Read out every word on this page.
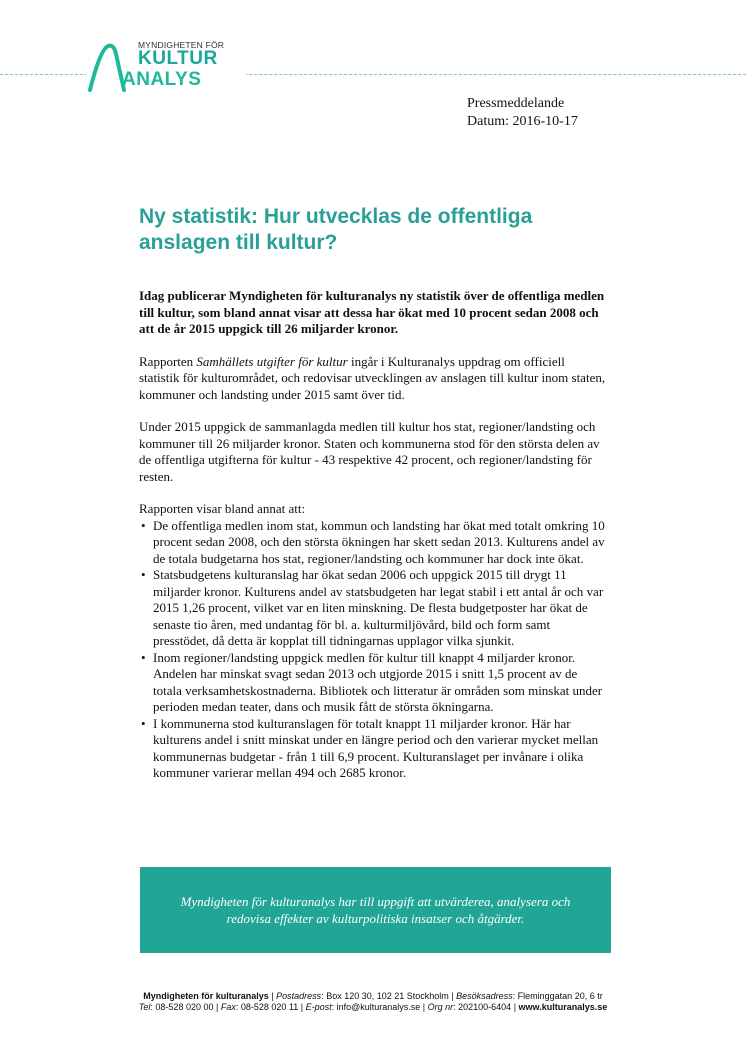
MYNDIGHETEN FÖR
KULTUR
ANALYS
Pressmeddelande
Datum: 2016-10-17
Ny statistik: Hur utvecklas de offentliga anslagen till kultur?

Idag publicerar Myndigheten för kulturanalys ny statistik över de offentliga medlen till kultur, som bland annat visar att dessa har ökat med 10 procent sedan 2008 och att de år 2015 uppgick till 26 miljarder kronor.

Rapporten Samhällets utgifter för kultur ingår i Kulturanalys uppdrag om officiell statistik för kulturområdet, och redovisar utvecklingen av anslagen till kultur inom staten, kommuner och landsting under 2015 samt över tid.

Under 2015 uppgick de sammanlagda medlen till kultur hos stat, regioner/landsting och kommuner till 26 miljarder kronor. Staten och kommunerna stod för den största delen av de offentliga utgifterna för kultur - 43 respektive 42 procent, och regioner/landsting för resten.

Rapporten visar bland annat att:
• De offentliga medlen inom stat, kommun och landsting har ökat med totalt omkring 10 procent sedan 2008, och den största ökningen har skett sedan 2013. Kulturens andel av de totala budgetarna hos stat, regioner/landsting och kommuner har dock inte ökat.
• Statsbudgetens kulturanslag har ökat sedan 2006 och uppgick 2015 till drygt 11 miljarder kronor. Kulturens andel av statsbudgeten har legat stabil i ett antal år och var 2015 1,26 procent, vilket var en liten minskning. De flesta budgetposter har ökat de senaste tio åren, med undantag för bl. a. kulturmiljövård, bild och form samt presstödet, då detta är kopplat till tidningarnas upplagor vilka sjunkit.
• Inom regioner/landsting uppgick medlen för kultur till knappt 4 miljarder kronor. Andelen har minskat svagt sedan 2013 och utgjorde 2015 i snitt 1,5 procent av de totala verksamhetskostnaderna. Bibliotek och litteratur är områden som minskat under perioden medan teater, dans och musik fått de största ökningarna.
• I kommunerna stod kulturanslagen för totalt knappt 11 miljarder kronor. Här har kulturens andel i snitt minskat under en längre period och den varierar mycket mellan kommunernas budgetar - från 1 till 6,9 procent. Kulturanslaget per invånare i olika kommuner varierar mellan 494 och 2685 kronor.
Myndigheten för kulturanalys har till uppgift att utvärderea, analysera och redovisa effekter av kulturpolitiska insatser och åtgärder.
Myndigheten för kulturanalys | Postadress: Box 120 30, 102 21 Stockholm | Besöksadress: Fleminggatan 20, 6 tr
Tel: 08-528 020 00 | Fax: 08-528 020 11 | E-post: info@kulturanalys.se | Org nr: 202100-6404 | www.kulturanalys.se
